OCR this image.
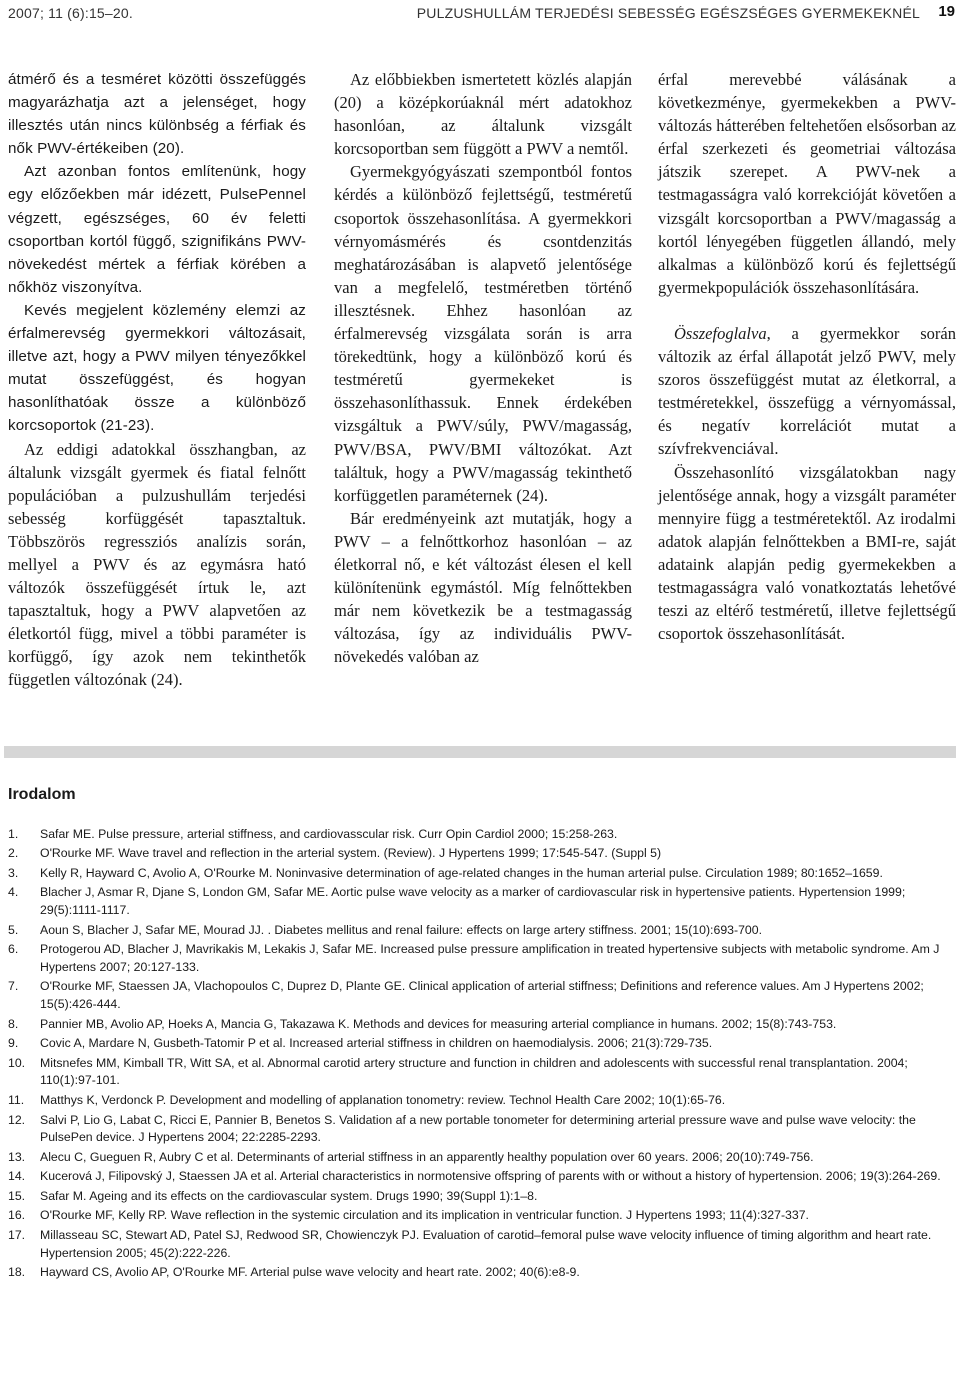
2007; 11 (6):15–20.	PULZUSHULLÁM TERJEDÉSI SEBESSÉG EGÉSZSÉGES GYERMEKEKNÉL 19

átmérő és a tesméret közötti összefüggés magyarázhatja azt a jelenséget, hogy illesztés után nincs különbség a férfiak és nők PWV-értékeiben (20).

Azt azonban fontos említenünk, hogy egy előzőekben már idézett, PulsePennel végzett, egészséges, 60 év feletti csoportban kortól függő, szignifikáns PWV-növekedést mértek a férfiak körében a nőkhöz viszonyítva.

Kevés megjelent közlemény elemzi az érfalmerevség gyermekkori változásait, illetve azt, hogy a PWV milyen tényezőkkel mutat összefüggést, és hogyan hasonlíthatóak össze a különböző korcsoportok (21-23).

Az eddigi adatokkal összhangban, az általunk vizsgált gyermek és fiatal felnőtt populációban a pulzushullám terjedési sebesség korfüggését tapasztaltuk. Többszörös regressziós analízis során, mellyel a PWV és az egymásra ható változók összefüggését írtuk le, azt tapasztaltuk, hogy a PWV alapvetően az életkortól függ, mivel a többi paraméter is korfüggő, így azok nem tekinthetők független változónak (24).

Az előbbiekben ismertetett közlés alapján (20) a középkorúaknál mért adatokhoz hasonlóan, az általunk vizsgált korcsoportban sem függött a PWV a nemtől.

Gyermekgyógyászati szempontból fontos kérdés a különböző fejlettségű, testméretű csoportok összehasonlítása. A gyermekkori vérnyomásmérés és csontdenzitás meghatározásában is alapvető jelentősége van a megfelelő, testméretben történő illesztésnek. Ehhez hasonlóan az érfalmerevség vizsgálata során is arra törekedtünk, hogy a különböző korú és testméretű gyermekeket is összehasonlíthassuk. Ennek érdekében vizsgáltuk a PWV/súly, PWV/magasság, PWV/BSA, PWV/BMI változókat. Azt találtuk, hogy a PWV/magasság tekinthető korfüggetlen paraméternek (24).

Bár eredményeink azt mutatják, hogy a PWV – a felnőttkorhoz hasonlóan – az életkorral nő, e két változást élesen el kell különítenünk egymástól. Míg felnőttekben már nem következik be a testmagasság változása, így az individuális PWV-növekedés valóban az

érfal merevebbé válásának a következménye, gyermekekben a PWV-változás hátterében feltehetően elsősorban az érfal szerkezeti és geometriai változása játszik szerepet. A PWV-nek a testmagasságra való korrekcióját követően a vizsgált korcsoportban a PWV/magasság a kortól lényegében független állandó, mely alkalmas a különböző korú és fejlettségű gyermekpopulációk összehasonlítására.

Összefoglalva, a gyermekkor során változik az érfal állapotát jelző PWV, mely szoros összefüggést mutat az életkorral, a testméretekkel, összefügg a vérnyomással, és negatív korrelációt mutat a szívfrekvenciával.

Összehasonlító vizsgálatokban nagy jelentősége annak, hogy a vizsgált paraméter mennyire függ a testméretektől. Az irodalmi adatok alapján felnőttekben a BMI-re, saját adataink alapján pedig gyermekekben a testmagasságra való vonatkoztatás lehetővé teszi az eltérő testméretű, illetve fejlettségű csoportok összehasonlítását.

Irodalom
1. Safar ME. Pulse pressure, arterial stiffness, and cardiovasscular risk. Curr Opin Cardiol 2000; 15:258-263.
2. O'Rourke MF. Wave travel and reflection in the arterial system. (Review). J Hypertens 1999; 17:545-547. (Suppl 5)
3. Kelly R, Hayward C, Avolio A, O'Rourke M. Noninvasive determination of age-related changes in the human arterial pulse. Circulation 1989; 80:1652–1659.
4. Blacher J, Asmar R, Djane S, London GM, Safar ME. Aortic pulse wave velocity as a marker of cardiovascular risk in hypertensive patients. Hypertension 1999; 29(5):1111-1117.
5. Aoun S, Blacher J, Safar ME, Mourad JJ. . Diabetes mellitus and renal failure: effects on large artery stiffness. 2001; 15(10):693-700.
6. Protogerou AD, Blacher J, Mavrikakis M, Lekakis J, Safar ME. Increased pulse pressure amplification in treated hypertensive subjects with metabolic syndrome. Am J Hypertens 2007; 20:127-133.
7. O'Rourke MF, Staessen JA, Vlachopoulos C, Duprez D, Plante GE. Clinical application of arterial stiffness; Definitions and reference values. Am J Hypertens 2002; 15(5):426-444.
8. Pannier MB, Avolio AP, Hoeks A, Mancia G, Takazawa K. Methods and devices for measuring arterial compliance in humans. 2002; 15(8):743-753.
9. Covic A, Mardare N, Gusbeth-Tatomir P et al. Increased arterial stiffness in children on haemodialysis. 2006; 21(3):729-735.
10. Mitsnefes MM, Kimball TR, Witt SA, et al. Abnormal carotid artery structure and function in children and adolescents with successful renal transplantation. 2004; 110(1):97-101.
11. Matthys K, Verdonck P. Development and modelling of applanation tonometry: review. Technol Health Care 2002; 10(1):65-76.
12. Salvi P, Lio G, Labat C, Ricci E, Pannier B, Benetos S. Validation af a new portable tonometer for determining arterial pressure wave and pulse wave velocity: the PulsePen device. J Hypertens 2004; 22:2285-2293.
13. Alecu C, Gueguen R, Aubry C et al. Determinants of arterial stiffness in an apparently healthy population over 60 years. 2006; 20(10):749-756.
14. Kucerová J, Filipovský J, Staessen JA et al. Arterial characteristics in normotensive offspring of parents with or without a history of hypertension. 2006; 19(3):264-269.
15. Safar M. Ageing and its effects on the cardiovascular system. Drugs 1990; 39(Suppl 1):1–8.
16. O'Rourke MF, Kelly RP. Wave reflection in the systemic circulation and its implication in ventricular function. J Hypertens 1993; 11(4):327-337.
17. Millasseau SC, Stewart AD, Patel SJ, Redwood SR, Chowienczyk PJ. Evaluation of carotid–femoral pulse wave velocity influence of timing algorithm and heart rate. Hypertension 2005; 45(2):222-226.
18. Hayward CS, Avolio AP, O'Rourke MF. Arterial pulse wave velocity and heart rate. 2002; 40(6):e8-9.
